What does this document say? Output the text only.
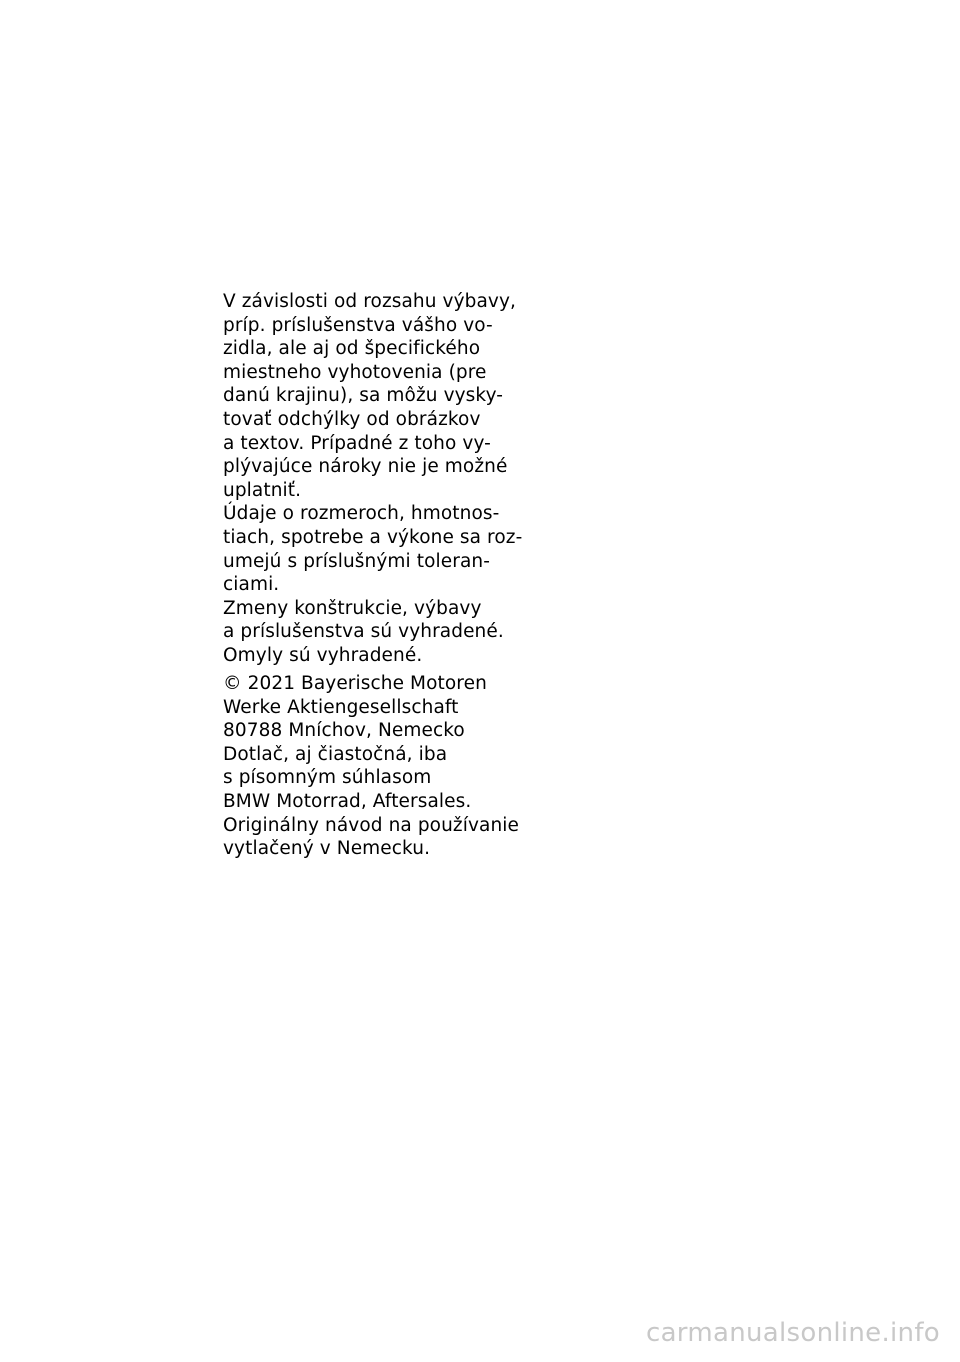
V závislosti od rozsahu výbavy,
príp. príslušenstva vášho vo-
zidla, ale aj od špecifického
miestneho vyhotovenia (pre
danú krajinu), sa môžu vysky-
tovať odchýlky od obrázkov
a textov. Prípadné z toho vy-
plývajúce nároky nie je možné
uplatniť.
Údaje o rozmeroch, hmotnos-
tiach, spotrebe a výkone sa roz-
umejú s príslušnými toleran-
ciami.
Zmeny konštrukcie, výbavy
a príslušenstva sú vyhradené.
Omyly sú vyhradené.
© 2021 Bayerische Motoren
Werke Aktiengesellschaft
80788 Mníchov, Nemecko
Dotlač, aj čiastočná, iba
s písomným súhlasom
BMW Motorrad, Aftersales.
Originálny návod na používanie
vytlačený v Nemecku.
carmanualsonline.info
